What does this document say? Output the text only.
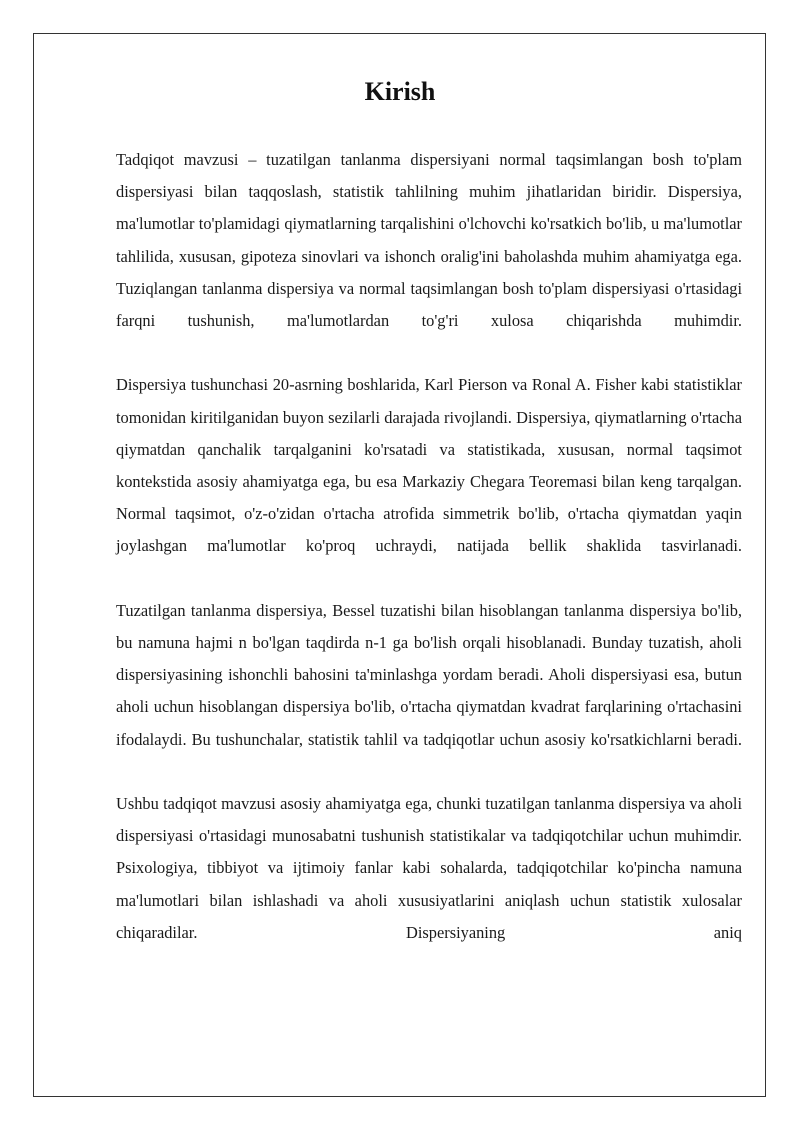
Kirish

Tadqiqot mavzusi – tuzatilgan tanlanma dispersiyani normal taqsimlangan bosh to'plam dispersiyasi bilan taqqoslash, statistik tahlilning muhim jihatlaridan biridir. Dispersiya, ma'lumotlar to'plamidagi qiymatlarning tarqalishini o'lchovchi ko'rsatkich bo'lib, u ma'lumotlar tahlilida, xususan, gipoteza sinovlari va ishonch oralig'ini baholashda muhim ahamiyatga ega. Tuziqlangan tanlanma dispersiya va normal taqsimlangan bosh to'plam dispersiyasi o'rtasidagi farqni tushunish, ma'lumotlardan to'g'ri xulosa chiqarishda muhimdir.

Dispersiya tushunchasi 20-asrning boshlarida, Karl Pierson va Ronal A. Fisher kabi statistiklar tomonidan kiritilganidan buyon sezilarli darajada rivojlandi. Dispersiya, qiymatlarning o'rtacha qiymatdan qanchalik tarqalganini ko'rsatadi va statistikada, xususan, normal taqsimot kontekstida asosiy ahamiyatga ega, bu esa Markaziy Chegara Teoremasi bilan keng tarqalgan. Normal taqsimot, o'z-o'zidan o'rtacha atrofida simmetrik bo'lib, o'rtacha qiymatdan yaqin joylashgan ma'lumotlar ko'proq uchraydi, natijada bellik shaklida tasvirlanadi.

Tuzatilgan tanlanma dispersiya, Bessel tuzatishi bilan hisoblangan tanlanma dispersiya bo'lib, bu namuna hajmi n bo'lgan taqdirda n-1 ga bo'lish orqali hisoblanadi. Bunday tuzatish, aholi dispersiyasining ishonchli bahosini ta'minlashga yordam beradi. Aholi dispersiyasi esa, butun aholi uchun hisoblangan dispersiya bo'lib, o'rtacha qiymatdan kvadrat farqlarining o'rtachasini ifodalaydi. Bu tushunchalar, statistik tahlil va tadqiqotlar uchun asosiy ko'rsatkichlarni beradi.

Ushbu tadqiqot mavzusi asosiy ahamiyatga ega, chunki tuzatilgan tanlanma dispersiya va aholi dispersiyasi o'rtasidagi munosabatni tushunish statistikalar va tadqiqotchilar uchun muhimdir. Psixologiya, tibbiyot va ijtimoiy fanlar kabi sohalarda, tadqiqotchilar ko'pincha namuna ma'lumotlari bilan ishlashadi va aholi xususiyatlarini aniqlash uchun statistik xulosalar chiqaradilar. Dispersiyaning aniq
